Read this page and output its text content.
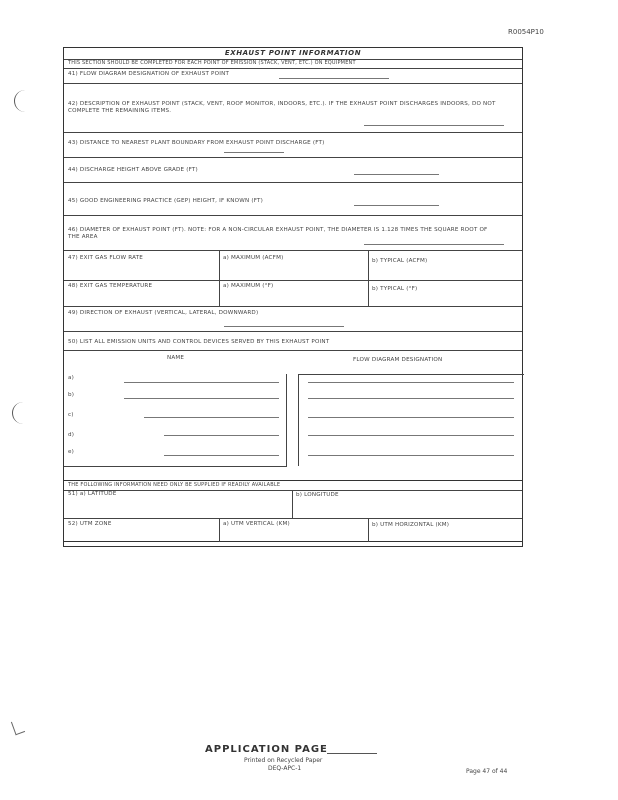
R0054P10
EXHAUST POINT INFORMATION
THIS SECTION SHOULD BE COMPLETED FOR EACH POINT OF EMISSION (STACK, VENT, ETC.) ON EQUIPMENT
41) FLOW DIAGRAM DESIGNATION OF EXHAUST POINT
42) DESCRIPTION OF EXHAUST POINT (STACK, VENT, ROOF MONITOR, INDOORS, ETC.). IF THE EXHAUST POINT DISCHARGES INDOORS, DO NOT COMPLETE THE REMAINING ITEMS.
43) DISTANCE TO NEAREST PLANT BOUNDARY FROM EXHAUST POINT DISCHARGE (FT)
44) DISCHARGE HEIGHT ABOVE GRADE (FT)
45) GOOD ENGINEERING PRACTICE (GEP) HEIGHT, IF KNOWN (FT)
46) DIAMETER OF EXHAUST POINT (FT). NOTE: FOR A NON-CIRCULAR EXHAUST POINT, THE DIAMETER IS 1.128 TIMES THE SQUARE ROOT OF THE AREA
47) EXIT GAS FLOW RATE	a) MAXIMUM (ACFM)	b) TYPICAL (ACFM)
48) EXIT GAS TEMPERATURE	a) MAXIMUM (°F)	b) TYPICAL (°F)
49) DIRECTION OF EXHAUST (VERTICAL, LATERAL, DOWNWARD)
50) LIST ALL EMISSION UNITS AND CONTROL DEVICES SERVED BY THIS EXHAUST POINT
NAME	FLOW DIAGRAM DESIGNATION
a)
b)
c)
d)
e)
THE FOLLOWING INFORMATION NEED ONLY BE SUPPLIED IF READILY AVAILABLE
51) a) LATITUDE	b) LONGITUDE
52) UTM ZONE	a) UTM VERTICAL (KM)	b) UTM HORIZONTAL (KM)
APPLICATION PAGE
Printed on Recycled Paper
DEQ-APC-1	Page 47 of 44
